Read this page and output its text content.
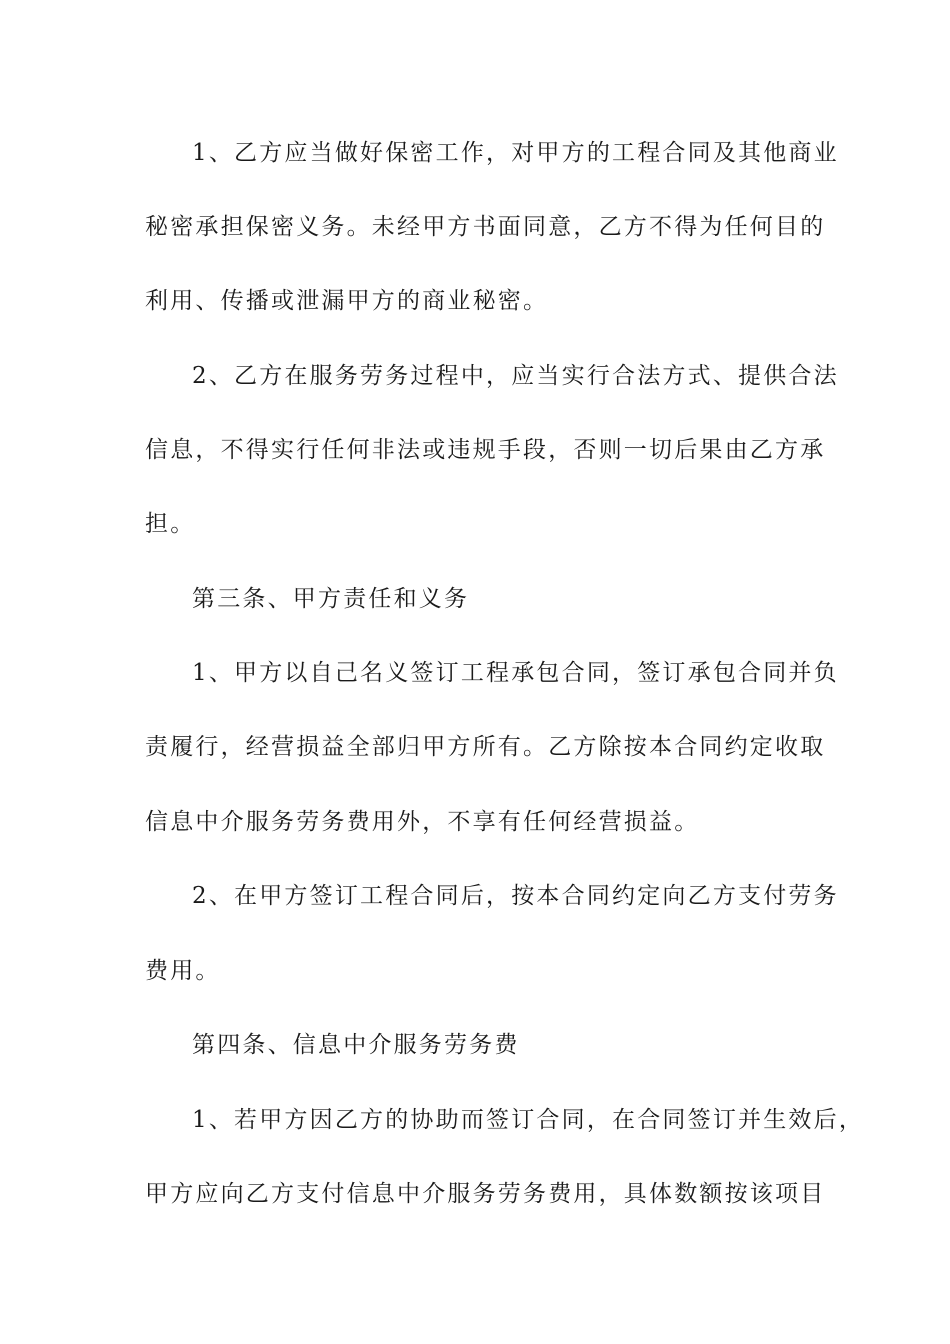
1、乙方应当做好保密工作，对甲方的工程合同及其他商业
秘密承担保密义务。未经甲方书面同意，乙方不得为任何目的
利用、传播或泄漏甲方的商业秘密。
2、乙方在服务劳务过程中，应当实行合法方式、提供合法
信息，不得实行任何非法或违规手段，否则一切后果由乙方承
担。
第三条、甲方责任和义务
1、甲方以自己名义签订工程承包合同，签订承包合同并负
责履行，经营损益全部归甲方所有。乙方除按本合同约定收取
信息中介服务劳务费用外，不享有任何经营损益。
2、在甲方签订工程合同后，按本合同约定向乙方支付劳务
费用。
第四条、信息中介服务劳务费
1、若甲方因乙方的协助而签订合同，在合同签订并生效后，
甲方应向乙方支付信息中介服务劳务费用，具体数额按该项目
